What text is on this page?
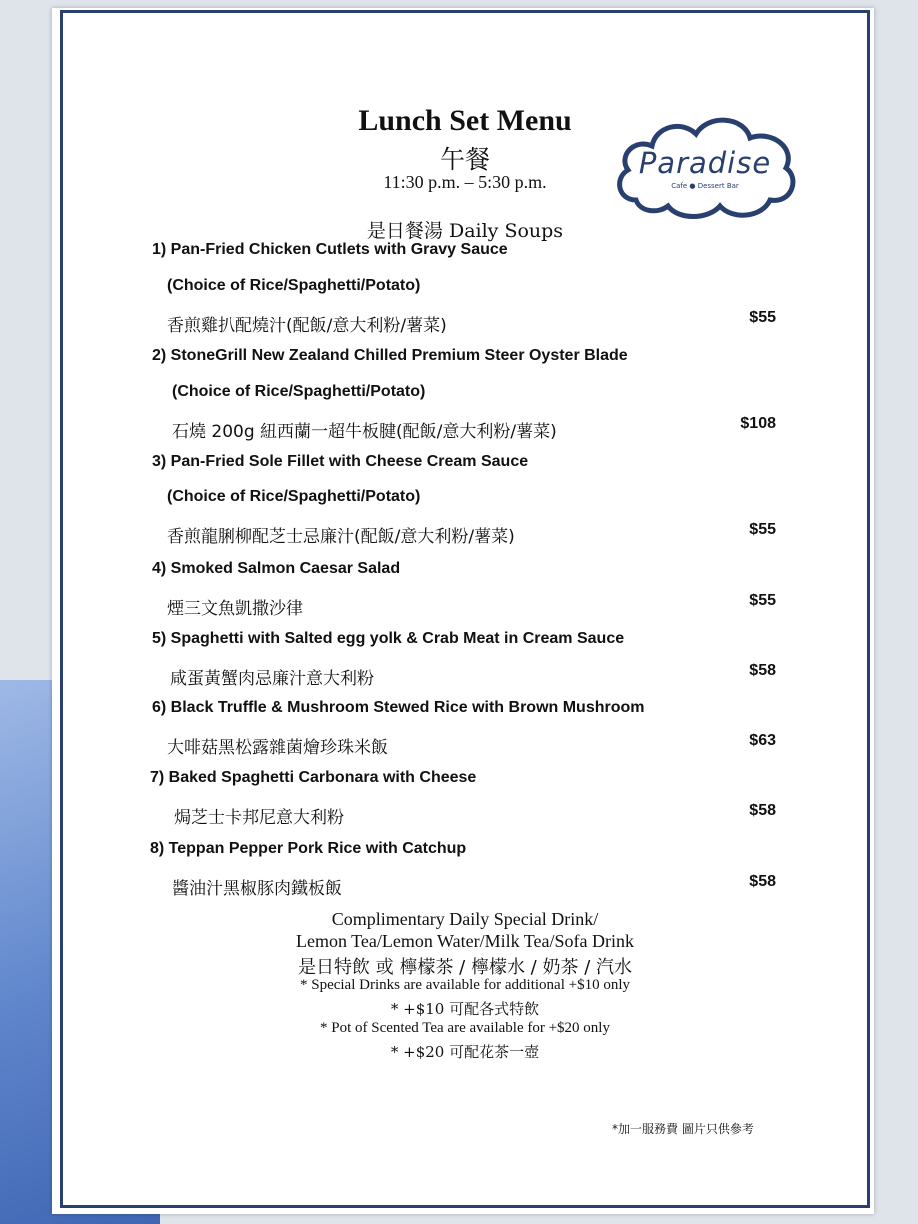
Lunch Set Menu
午餐
11:30 p.m. – 5:30 p.m.
是日餐湯 Daily Soups
Paradise
Cafe ● Dessert Bar
1) Pan-Fried Chicken Cutlets with Gravy Sauce
(Choice of Rice/Spaghetti/Potato)
香煎雞扒配燒汁(配飯/意大利粉/薯菜)	$55
2) StoneGrill New Zealand Chilled Premium Steer Oyster Blade
(Choice of Rice/Spaghetti/Potato)
石燒 200g 紐西蘭一超牛板腱(配飯/意大利粉/薯菜)	$108
3) Pan-Fried Sole Fillet with Cheese Cream Sauce
(Choice of Rice/Spaghetti/Potato)
香煎龍脷柳配芝士忌廉汁(配飯/意大利粉/薯菜)	$55
4) Smoked Salmon Caesar Salad
煙三文魚凱撒沙律	$55
5) Spaghetti with Salted egg yolk & Crab Meat in Cream Sauce
咸蛋黃蟹肉忌廉汁意大利粉	$58
6) Black Truffle & Mushroom Stewed Rice with Brown Mushroom
大啡菇黑松露雜菌燴珍珠米飯	$63
7) Baked Spaghetti Carbonara with Cheese
焗芝士卡邦尼意大利粉	$58
8) Teppan Pepper Pork Rice with Catchup
醬油汁黑椒豚肉鐵板飯	$58
Complimentary Daily Special Drink/
Lemon Tea/Lemon Water/Milk Tea/Sofa Drink
是日特飲 或 檸檬茶 / 檸檬水 / 奶茶 / 汽水
* Special Drinks are available for additional +$10 only
* +$10 可配各式特飲
* Pot of Scented Tea are available for +$20 only
* +$20 可配花茶一壺
*加一服務費 圖片只供參考
